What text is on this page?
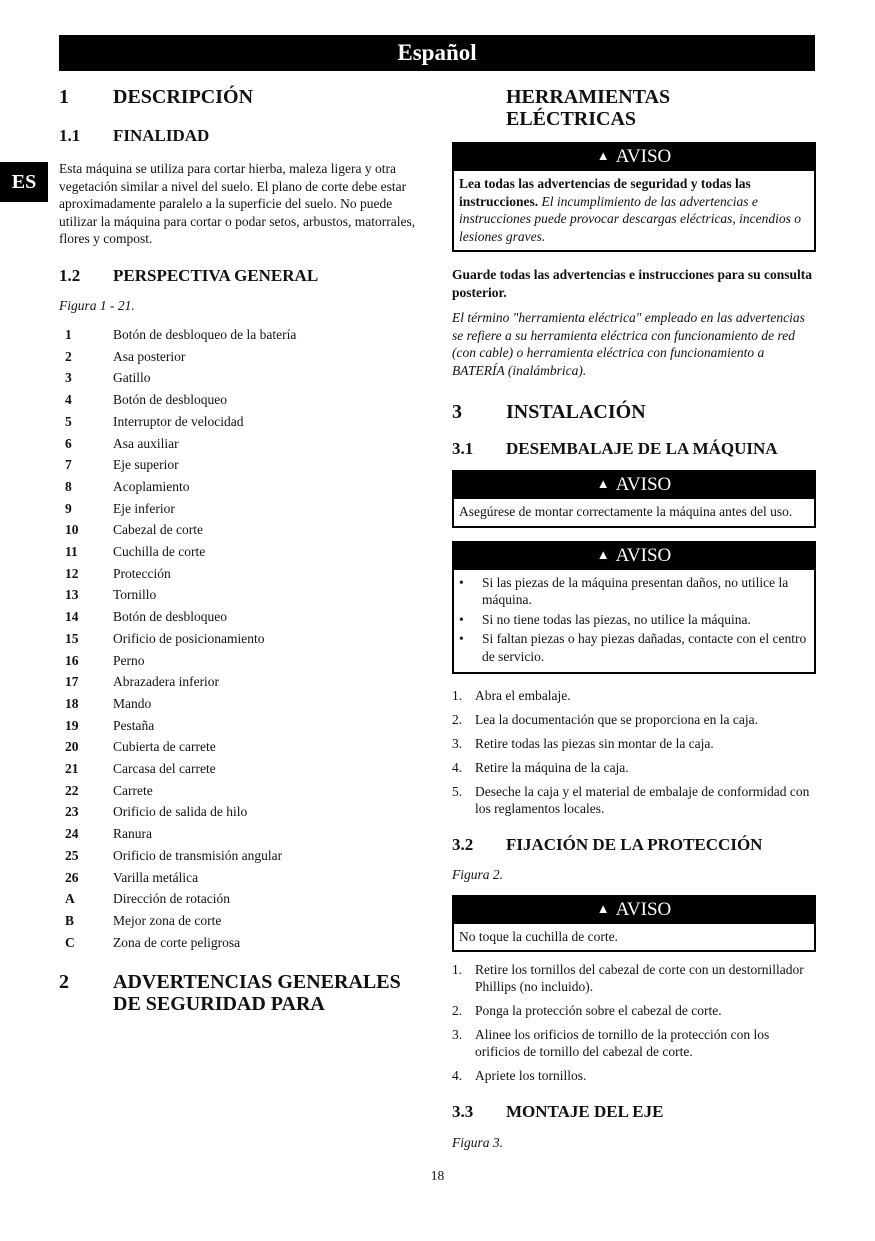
Español
ES
1	DESCRIPCIÓN
1.1	FINALIDAD

Esta máquina se utiliza para cortar hierba, maleza ligera y otra vegetación similar a nivel del suelo. El plano de corte debe estar aproximadamente paralelo a la superficie del suelo. No puede utilizar la máquina para cortar o podar setos, arbustos, matorrales, flores y compost.

1.2	PERSPECTIVA GENERAL

Figura 1 - 21.

1	Botón de desbloqueo de la batería
2	Asa posterior
3	Gatillo
4	Botón de desbloqueo
5	Interruptor de velocidad
6	Asa auxiliar
7	Eje superior
8	Acoplamiento
9	Eje inferior
10	Cabezal de corte
11	Cuchilla de corte
12	Protección
13	Tornillo
14	Botón de desbloqueo
15	Orificio de posicionamiento
16	Perno
17	Abrazadera inferior
18	Mando
19	Pestaña
20	Cubierta de carrete
21	Carcasa del carrete
22	Carrete
23	Orificio de salida de hilo
24	Ranura
25	Orificio de transmisión angular
26	Varilla metálica
A	Dirección de rotación
B	Mejor zona de corte
C	Zona de corte peligrosa
2	ADVERTENCIAS GENERALES DE SEGURIDAD PARA
HERRAMIENTAS ELÉCTRICAS
▲ AVISO
Lea todas las advertencias de seguridad y todas las instrucciones. El incumplimiento de las advertencias e instrucciones puede provocar descargas eléctricas, incendios o lesiones graves.

Guarde todas las advertencias e instrucciones para su consulta posterior.

El término "herramienta eléctrica" empleado en las advertencias se refiere a su herramienta eléctrica con funcionamiento de red (con cable) o herramienta eléctrica con funcionamiento a BATERÍA (inalámbrica).

3	INSTALACIÓN
3.1	DESEMBALAJE DE LA MÁQUINA
▲ AVISO
Asegúrese de montar correctamente la máquina antes del uso.
▲ AVISO
•	Si las piezas de la máquina presentan daños, no utilice la máquina.
•	Si no tiene todas las piezas, no utilice la máquina.
•	Si faltan piezas o hay piezas dañadas, contacte con el centro de servicio.
1. Abra el embalaje.
2. Lea la documentación que se proporciona en la caja.
3. Retire todas las piezas sin montar de la caja.
4. Retire la máquina de la caja.
5. Deseche la caja y el material de embalaje de conformidad con los reglamentos locales.
3.2	FIJACIÓN DE LA PROTECCIÓN

Figura 2.

▲ AVISO
No toque la cuchilla de corte.
1. Retire los tornillos del cabezal de corte con un destornillador Phillips (no incluido).
2. Ponga la protección sobre el cabezal de corte.
3. Alinee los orificios de tornillo de la protección con los orificios de tornillo del cabezal de corte.
4. Apriete los tornillos.
3.3	MONTAJE DEL EJE

Figura 3.

18
